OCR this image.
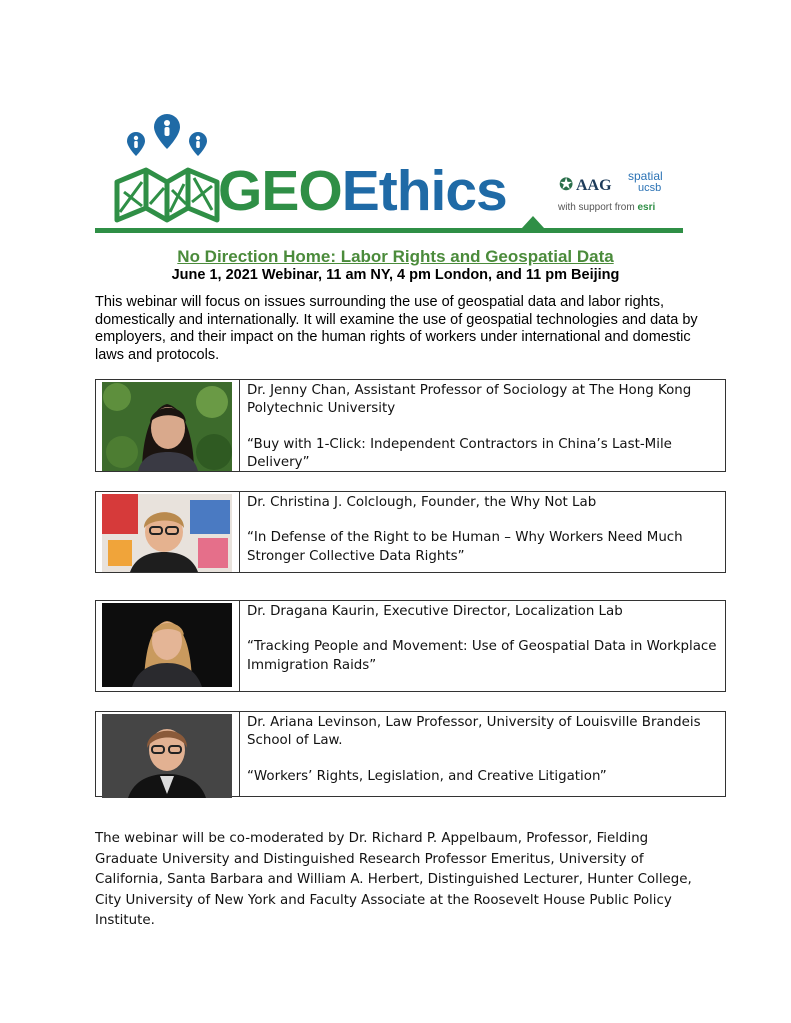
GEOEthics	✪ AAG
spatial
ucsb
with support from esri
No Direction Home: Labor Rights and Geospatial Data
June 1, 2021 Webinar, 11 am NY, 4 pm London, and 11 pm Beijing
This webinar will focus on issues surrounding the use of geospatial data and labor rights, domestically and internationally. It will examine the use of geospatial technologies and data by employers, and their impact on the human rights of workers under international and domestic laws and protocols.
Dr. Jenny Chan, Assistant Professor of Sociology at The Hong Kong Polytechnic University
“Buy with 1-Click: Independent Contractors in China’s Last-Mile Delivery”
Dr. Christina J. Colclough, Founder, the Why Not Lab
“In Defense of the Right to be Human – Why Workers Need Much Stronger Collective Data Rights”
Dr. Dragana Kaurin, Executive Director, Localization Lab
“Tracking People and Movement: Use of Geospatial Data in Workplace Immigration Raids”
Dr. Ariana Levinson, Law Professor, University of Louisville Brandeis School of Law.
“Workers’ Rights, Legislation, and Creative Litigation”
The webinar will be co-moderated by Dr. Richard P. Appelbaum, Professor, Fielding Graduate University and Distinguished Research Professor Emeritus, University of California, Santa Barbara and William A. Herbert, Distinguished Lecturer, Hunter College, City University of New York and Faculty Associate at the Roosevelt House Public Policy Institute.
